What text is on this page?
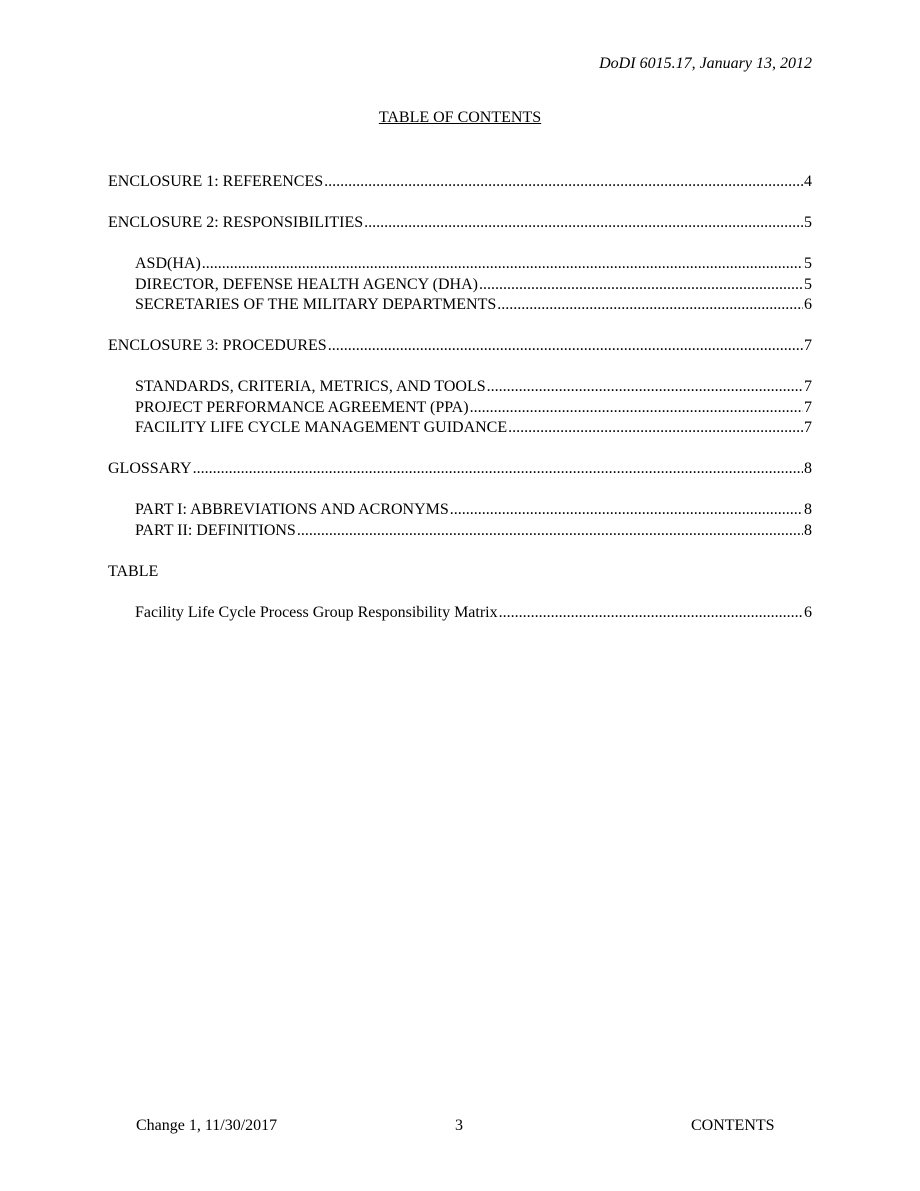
DoDI 6015.17, January 13, 2012
TABLE OF CONTENTS
ENCLOSURE 1: REFERENCES .....	4
ENCLOSURE 2: RESPONSIBILITIES .....	5
ASD(HA) .....	5
DIRECTOR, DEFENSE HEALTH AGENCY (DHA) .....	5
SECRETARIES OF THE MILITARY DEPARTMENTS .....	6
ENCLOSURE 3: PROCEDURES .....	7
STANDARDS, CRITERIA, METRICS, AND TOOLS .....	7
PROJECT PERFORMANCE AGREEMENT (PPA) .....	7
FACILITY LIFE CYCLE MANAGEMENT GUIDANCE .....	7
GLOSSARY .....	8
PART I: ABBREVIATIONS AND ACRONYMS .....	8
PART II: DEFINITIONS .....	8
TABLE
Facility Life Cycle Process Group Responsibility Matrix .....	6
Change 1, 11/30/2017	3	CONTENTS
